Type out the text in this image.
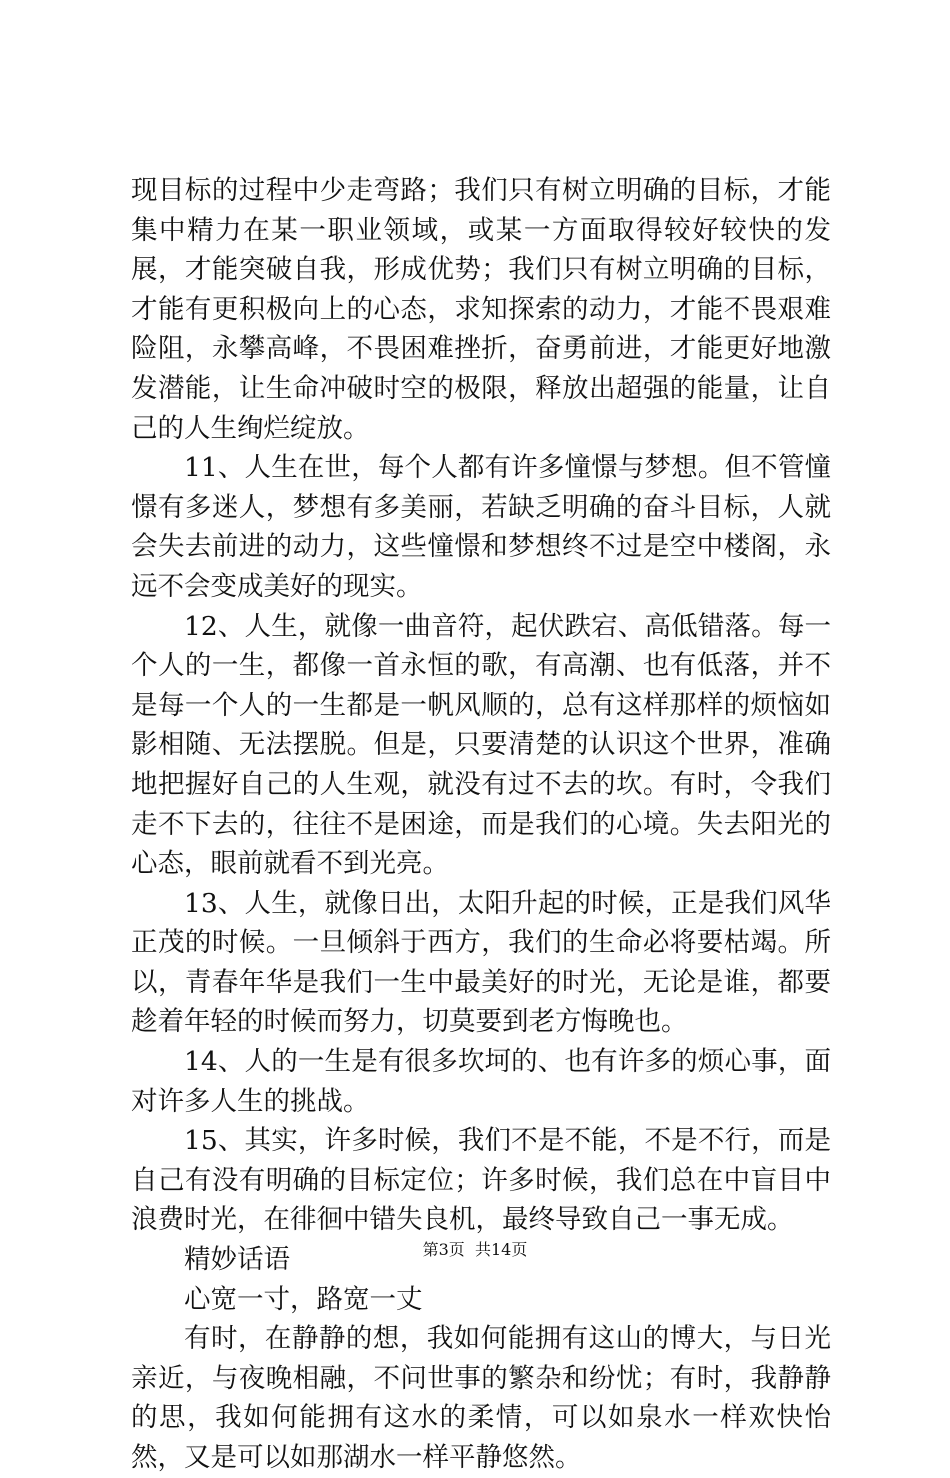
现目标的过程中少走弯路；我们只有树立明确的目标，才能集中精力在某一职业领域，或某一方面取得较好较快的发展，才能突破自我，形成优势；我们只有树立明确的目标，才能有更积极向上的心态，求知探索的动力，才能不畏艰难险阻，永攀高峰，不畏困难挫折，奋勇前进，才能更好地激发潜能，让生命冲破时空的极限，释放出超强的能量，让自己的人生绚烂绽放。

11、人生在世，每个人都有许多憧憬与梦想。但不管憧憬有多迷人，梦想有多美丽，若缺乏明确的奋斗目标，人就会失去前进的动力，这些憧憬和梦想终不过是空中楼阁，永远不会变成美好的现实。

12、人生，就像一曲音符，起伏跌宕、高低错落。每一个人的一生，都像一首永恒的歌，有高潮、也有低落，并不是每一个人的一生都是一帆风顺的，总有这样那样的烦恼如影相随、无法摆脱。但是，只要清楚的认识这个世界，准确地把握好自己的人生观，就没有过不去的坎。有时，令我们走不下去的，往往不是困途，而是我们的心境。失去阳光的心态，眼前就看不到光亮。

13、人生，就像日出，太阳升起的时候，正是我们风华正茂的时候。一旦倾斜于西方，我们的生命必将要枯竭。所以，青春年华是我们一生中最美好的时光，无论是谁，都要趁着年轻的时候而努力，切莫要到老方悔晚也。

14、人的一生是有很多坎坷的、也有许多的烦心事，面对许多人生的挑战。

15、其实，许多时候，我们不是不能，不是不行，而是自己有没有明确的目标定位；许多时候，我们总在中盲目中浪费时光，在徘徊中错失良机，最终导致自己一事无成。

精妙话语

心宽一寸，路宽一丈

有时，在静静的想，我如何能拥有这山的博大，与日光亲近，与夜晚相融，不问世事的繁杂和纷忧；有时，我静静的思，我如何能拥有这水的柔情，可以如泉水一样欢快怡然，又是可以如那湖水一样平静悠然。

第3页 共14页
